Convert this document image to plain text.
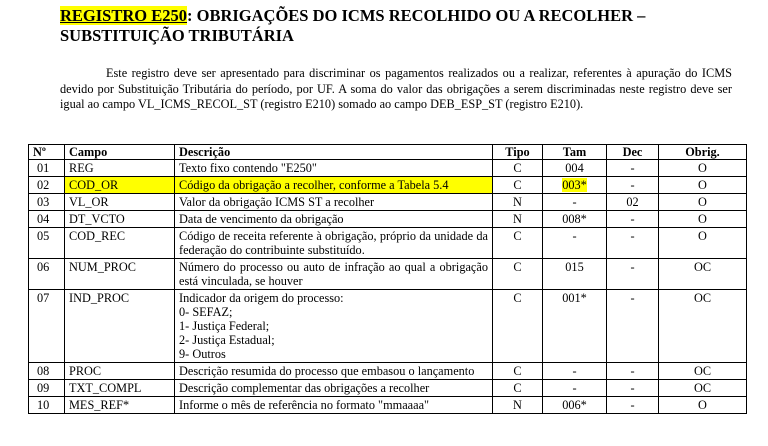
REGISTRO E250: OBRIGAÇÕES DO ICMS RECOLHIDO OU A RECOLHER –
SUBSTITUIÇÃO TRIBUTÁRIA
Este registro deve ser apresentado para discriminar os pagamentos realizados ou a realizar, referentes à apuração do ICMS devido por Substituição Tributária do período, por UF. A soma do valor das obrigações a serem discriminadas neste registro deve ser igual ao campo VL_ICMS_RECOL_ST (registro E210) somado ao campo DEB_ESP_ST (registro E210).
Nº	Campo	Descrição	Tipo	Tam	Dec	Obrig.
01	REG	Texto fixo contendo "E250"	C	004	-	O
02	COD_OR	Código da obrigação a recolher, conforme a Tabela 5.4	C	003*	-	O
03	VL_OR	Valor da obrigação ICMS ST a recolher	N	-	02	O
04	DT_VCTO	Data de vencimento da obrigação	N	008*	-	O
05	COD_REC	Código de receita referente à obrigação, próprio da unidade da federação do contribuinte substituído.	C	-	-	O
06	NUM_PROC	Número do processo ou auto de infração ao qual a obrigação está vinculada, se houver	C	015	-	OC
07	IND_PROC	Indicador da origem do processo:
0- SEFAZ;
1- Justiça Federal;
2- Justiça Estadual;
9- Outros	C	001*	-	OC
08	PROC	Descrição resumida do processo que embasou o lançamento	C	-	-	OC
09	TXT_COMPL	Descrição complementar das obrigações a recolher	C	-	-	OC
10	MES_REF*	Informe o mês de referência no formato "mmaaaa"	N	006*	-	O
